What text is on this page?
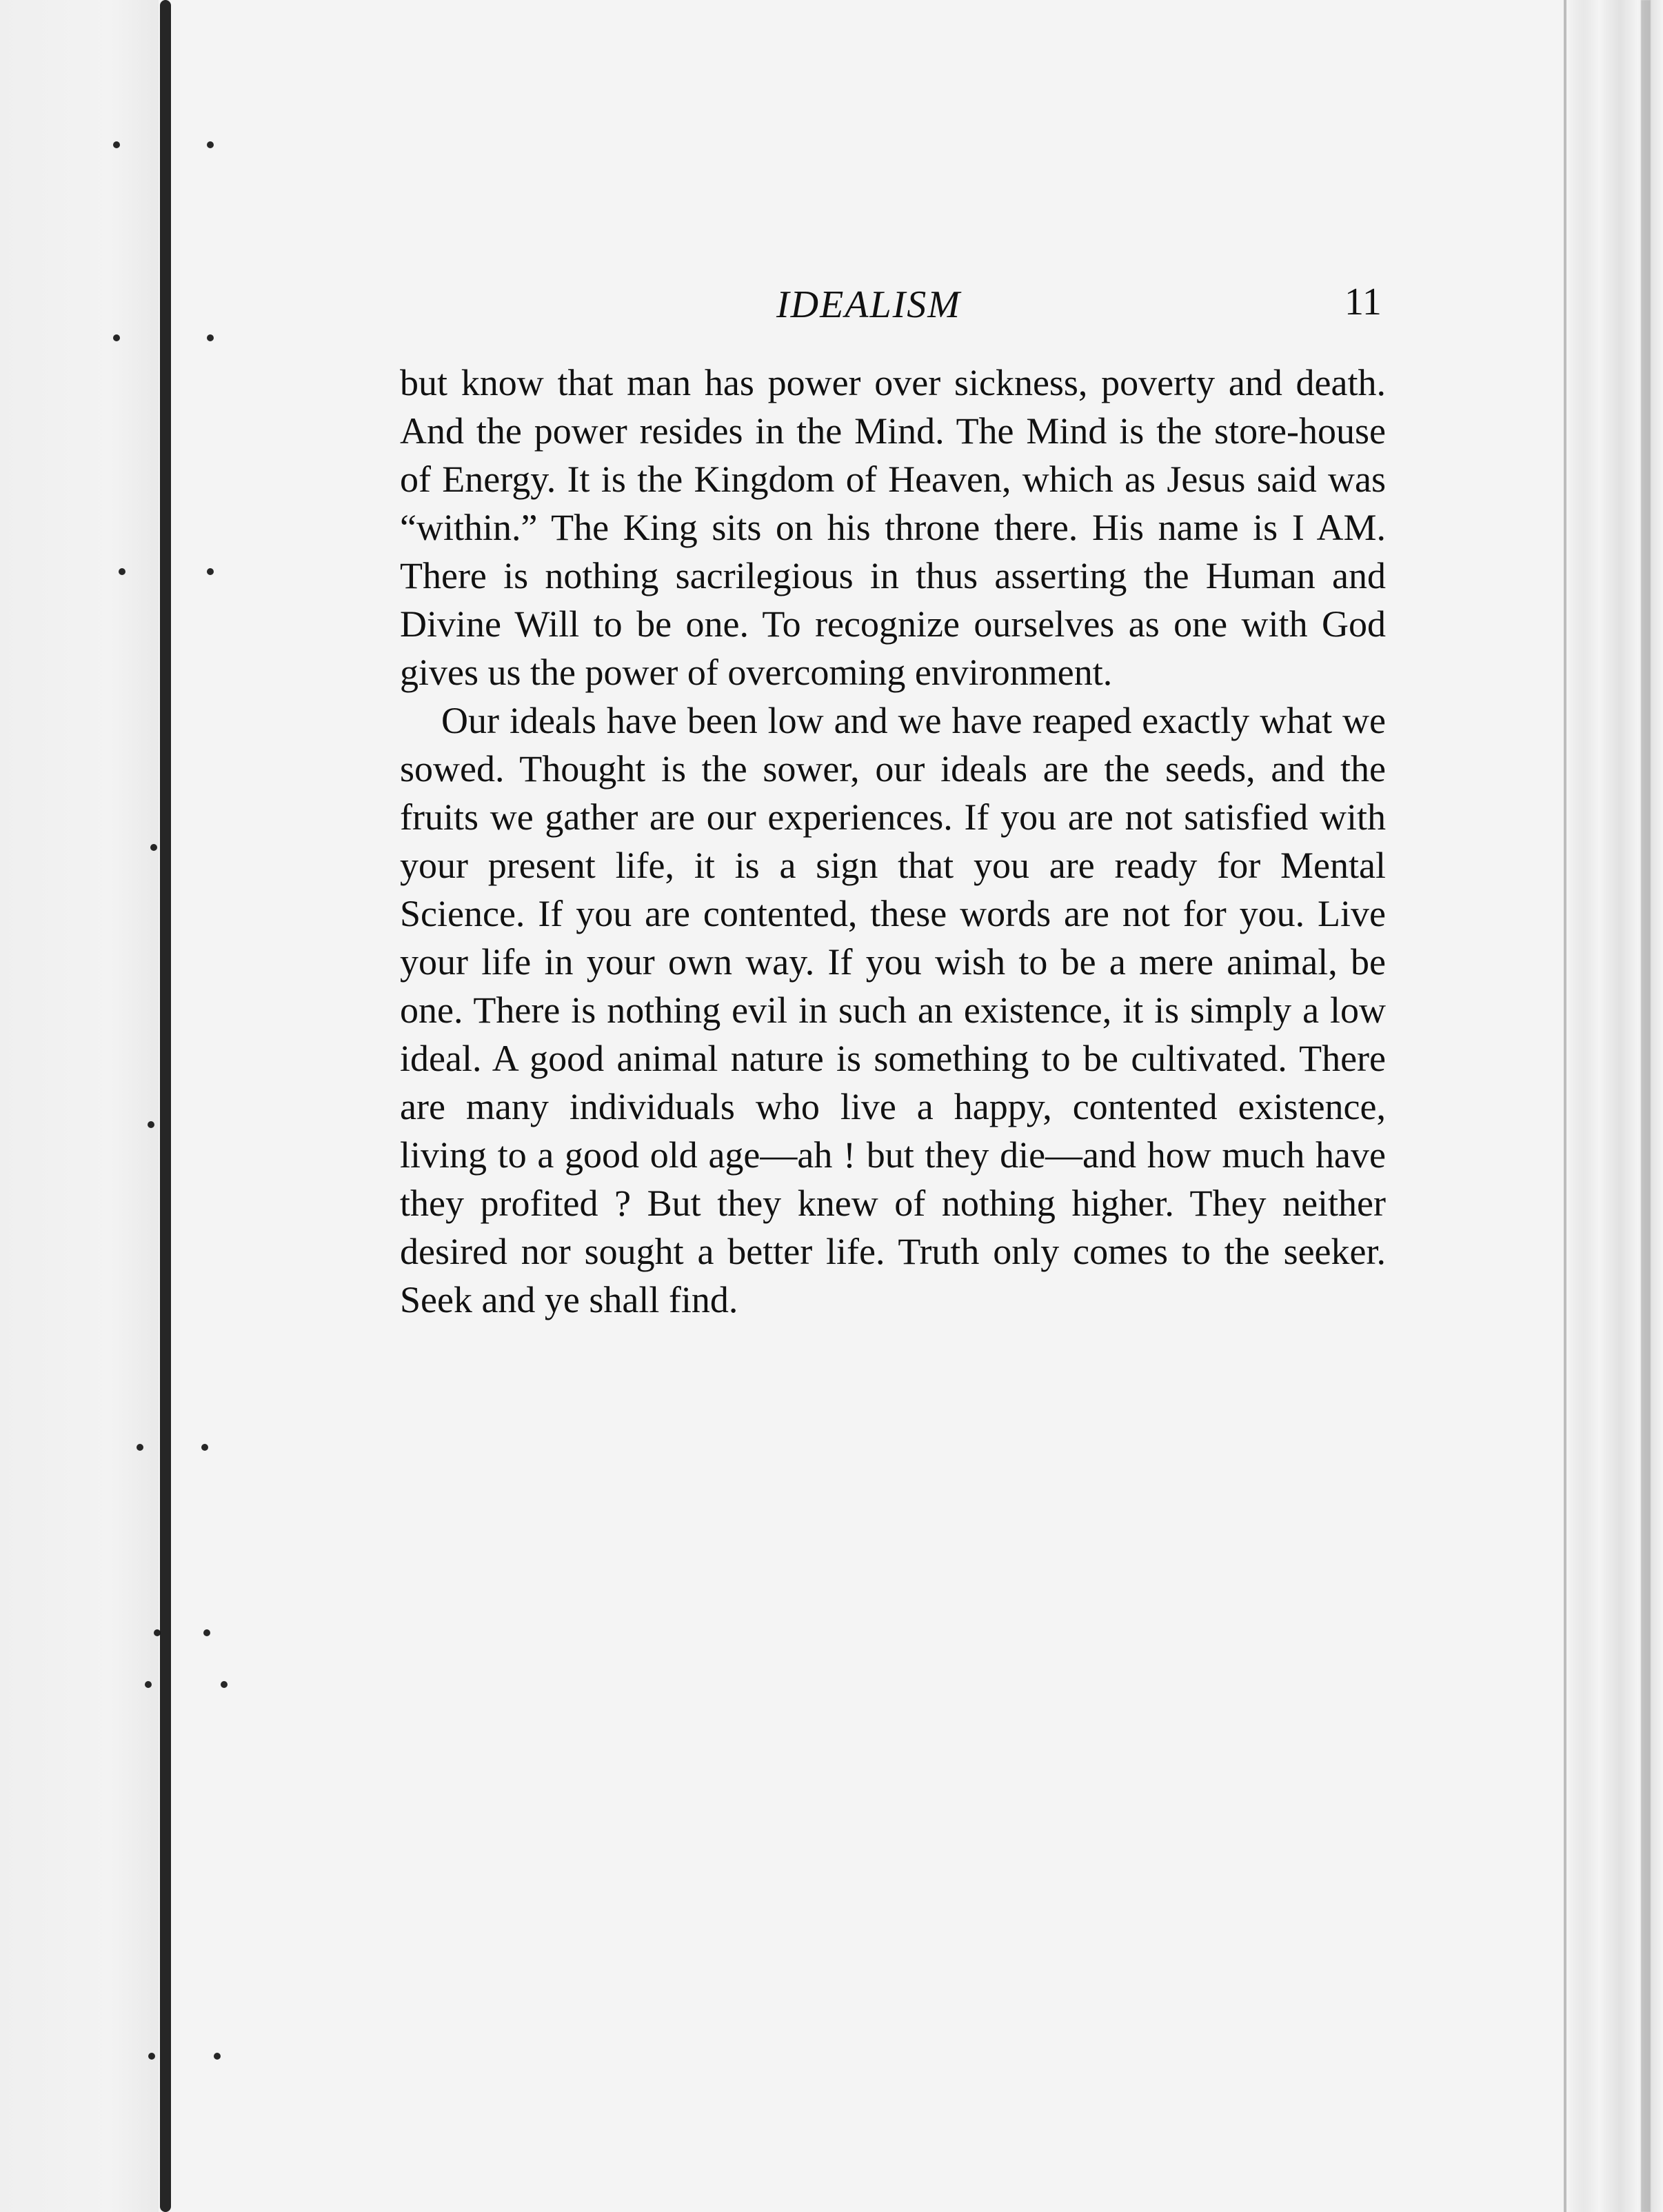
IDEALISM	11

but know that man has power over sickness, poverty and death. And the power resides in the Mind. The Mind is the store-house of Energy. It is the Kingdom of Heaven, which as Jesus said was “within.” The King sits on his throne there. His name is I AM. There is nothing sacrilegious in thus asserting the Human and Divine Will to be one. To recognize ourselves as one with God gives us the power of overcoming environment.

Our ideals have been low and we have reaped exactly what we sowed. Thought is the sower, our ideals are the seeds, and the fruits we gather are our experiences. If you are not satisfied with your present life, it is a sign that you are ready for Mental Science. If you are contented, these words are not for you. Live your life in your own way. If you wish to be a mere animal, be one. There is nothing evil in such an existence, it is simply a low ideal. A good animal nature is something to be cultivated. There are many individuals who live a happy, contented existence, living to a good old age—ah ! but they die—and how much have they profited ? But they knew of nothing higher. They neither desired nor sought a better life. Truth only comes to the seeker. Seek and ye shall find.
